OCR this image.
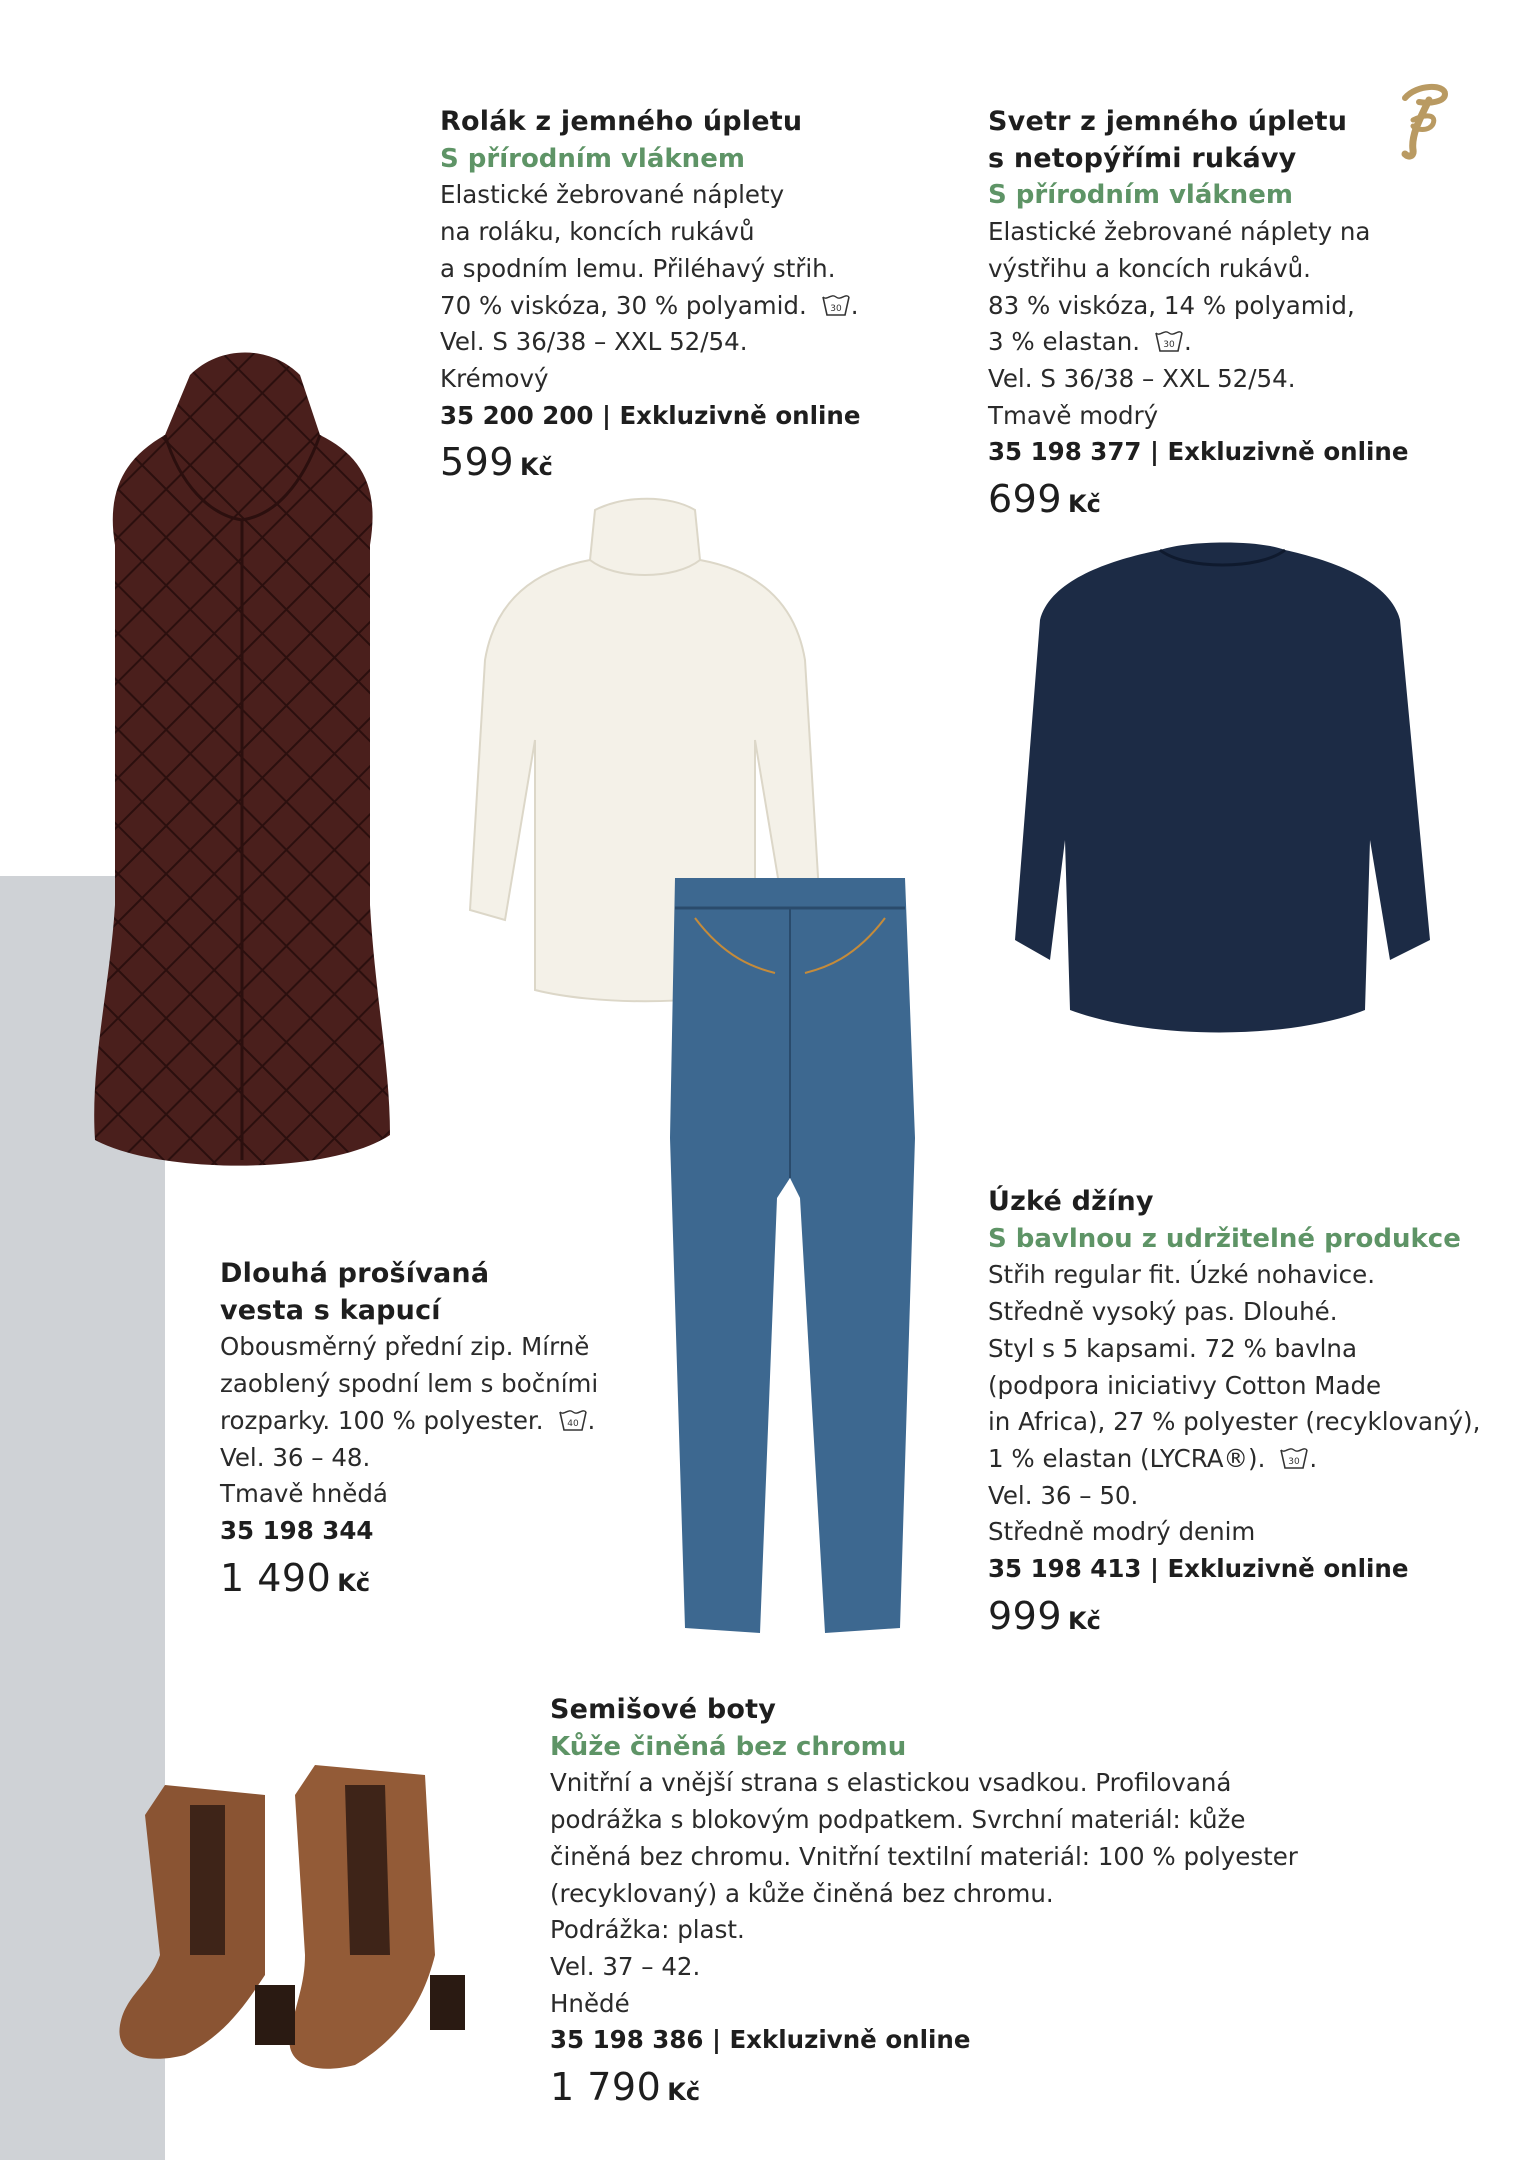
Rolák z jemného úpletu
S přírodním vláknem
Elastické žebrované náplety
na roláku, koncích rukávů
a spodním lemu. Přiléhavý střih.
70 % viskóza, 30 % polyamid.	30 .
Vel. S 36/38 – XXL 52/54.
Krémový
35 200 200 | Exkluzivně online
599 Kč
Svetr z jemného úpletu
s netopýřími rukávy
S přírodním vláknem
Elastické žebrované náplety na
výstřihu a koncích rukávů.
83 % viskóza, 14 % polyamid,
3 % elastan.	30 .
Vel. S 36/38 – XXL 52/54.
Tmavě modrý
35 198 377 | Exkluzivně online
699 Kč
Dlouhá prošívaná
vesta s kapucí
Obousměrný přední zip. Mírně
zaoblený spodní lem s bočními
rozparky. 100 % polyester.	40 .
Vel. 36 – 48.
Tmavě hnědá
35 198 344
1 490 Kč
Úzké džíny
S bavlnou z udržitelné produkce
Střih regular fit. Úzké nohavice.
Středně vysoký pas. Dlouhé.
Styl s 5 kapsami. 72 % bavlna
(podpora iniciativy Cotton Made
in Africa), 27 % polyester (recyklovaný),
1 % elastan (LYCRA®).	30 .
Vel. 36 – 50.
Středně modrý denim
35 198 413 | Exkluzivně online
999 Kč
Semišové boty
Kůže činěná bez chromu
Vnitřní a vnější strana s elastickou vsadkou. Profilovaná
podrážka s blokovým podpatkem. Svrchní materiál: kůže
činěná bez chromu. Vnitřní textilní materiál: 100 % polyester
(recyklovaný) a kůže činěná bez chromu.
Podrážka: plast.
Vel. 37 – 42.
Hnědé
35 198 386 | Exkluzivně online
1 790 Kč
